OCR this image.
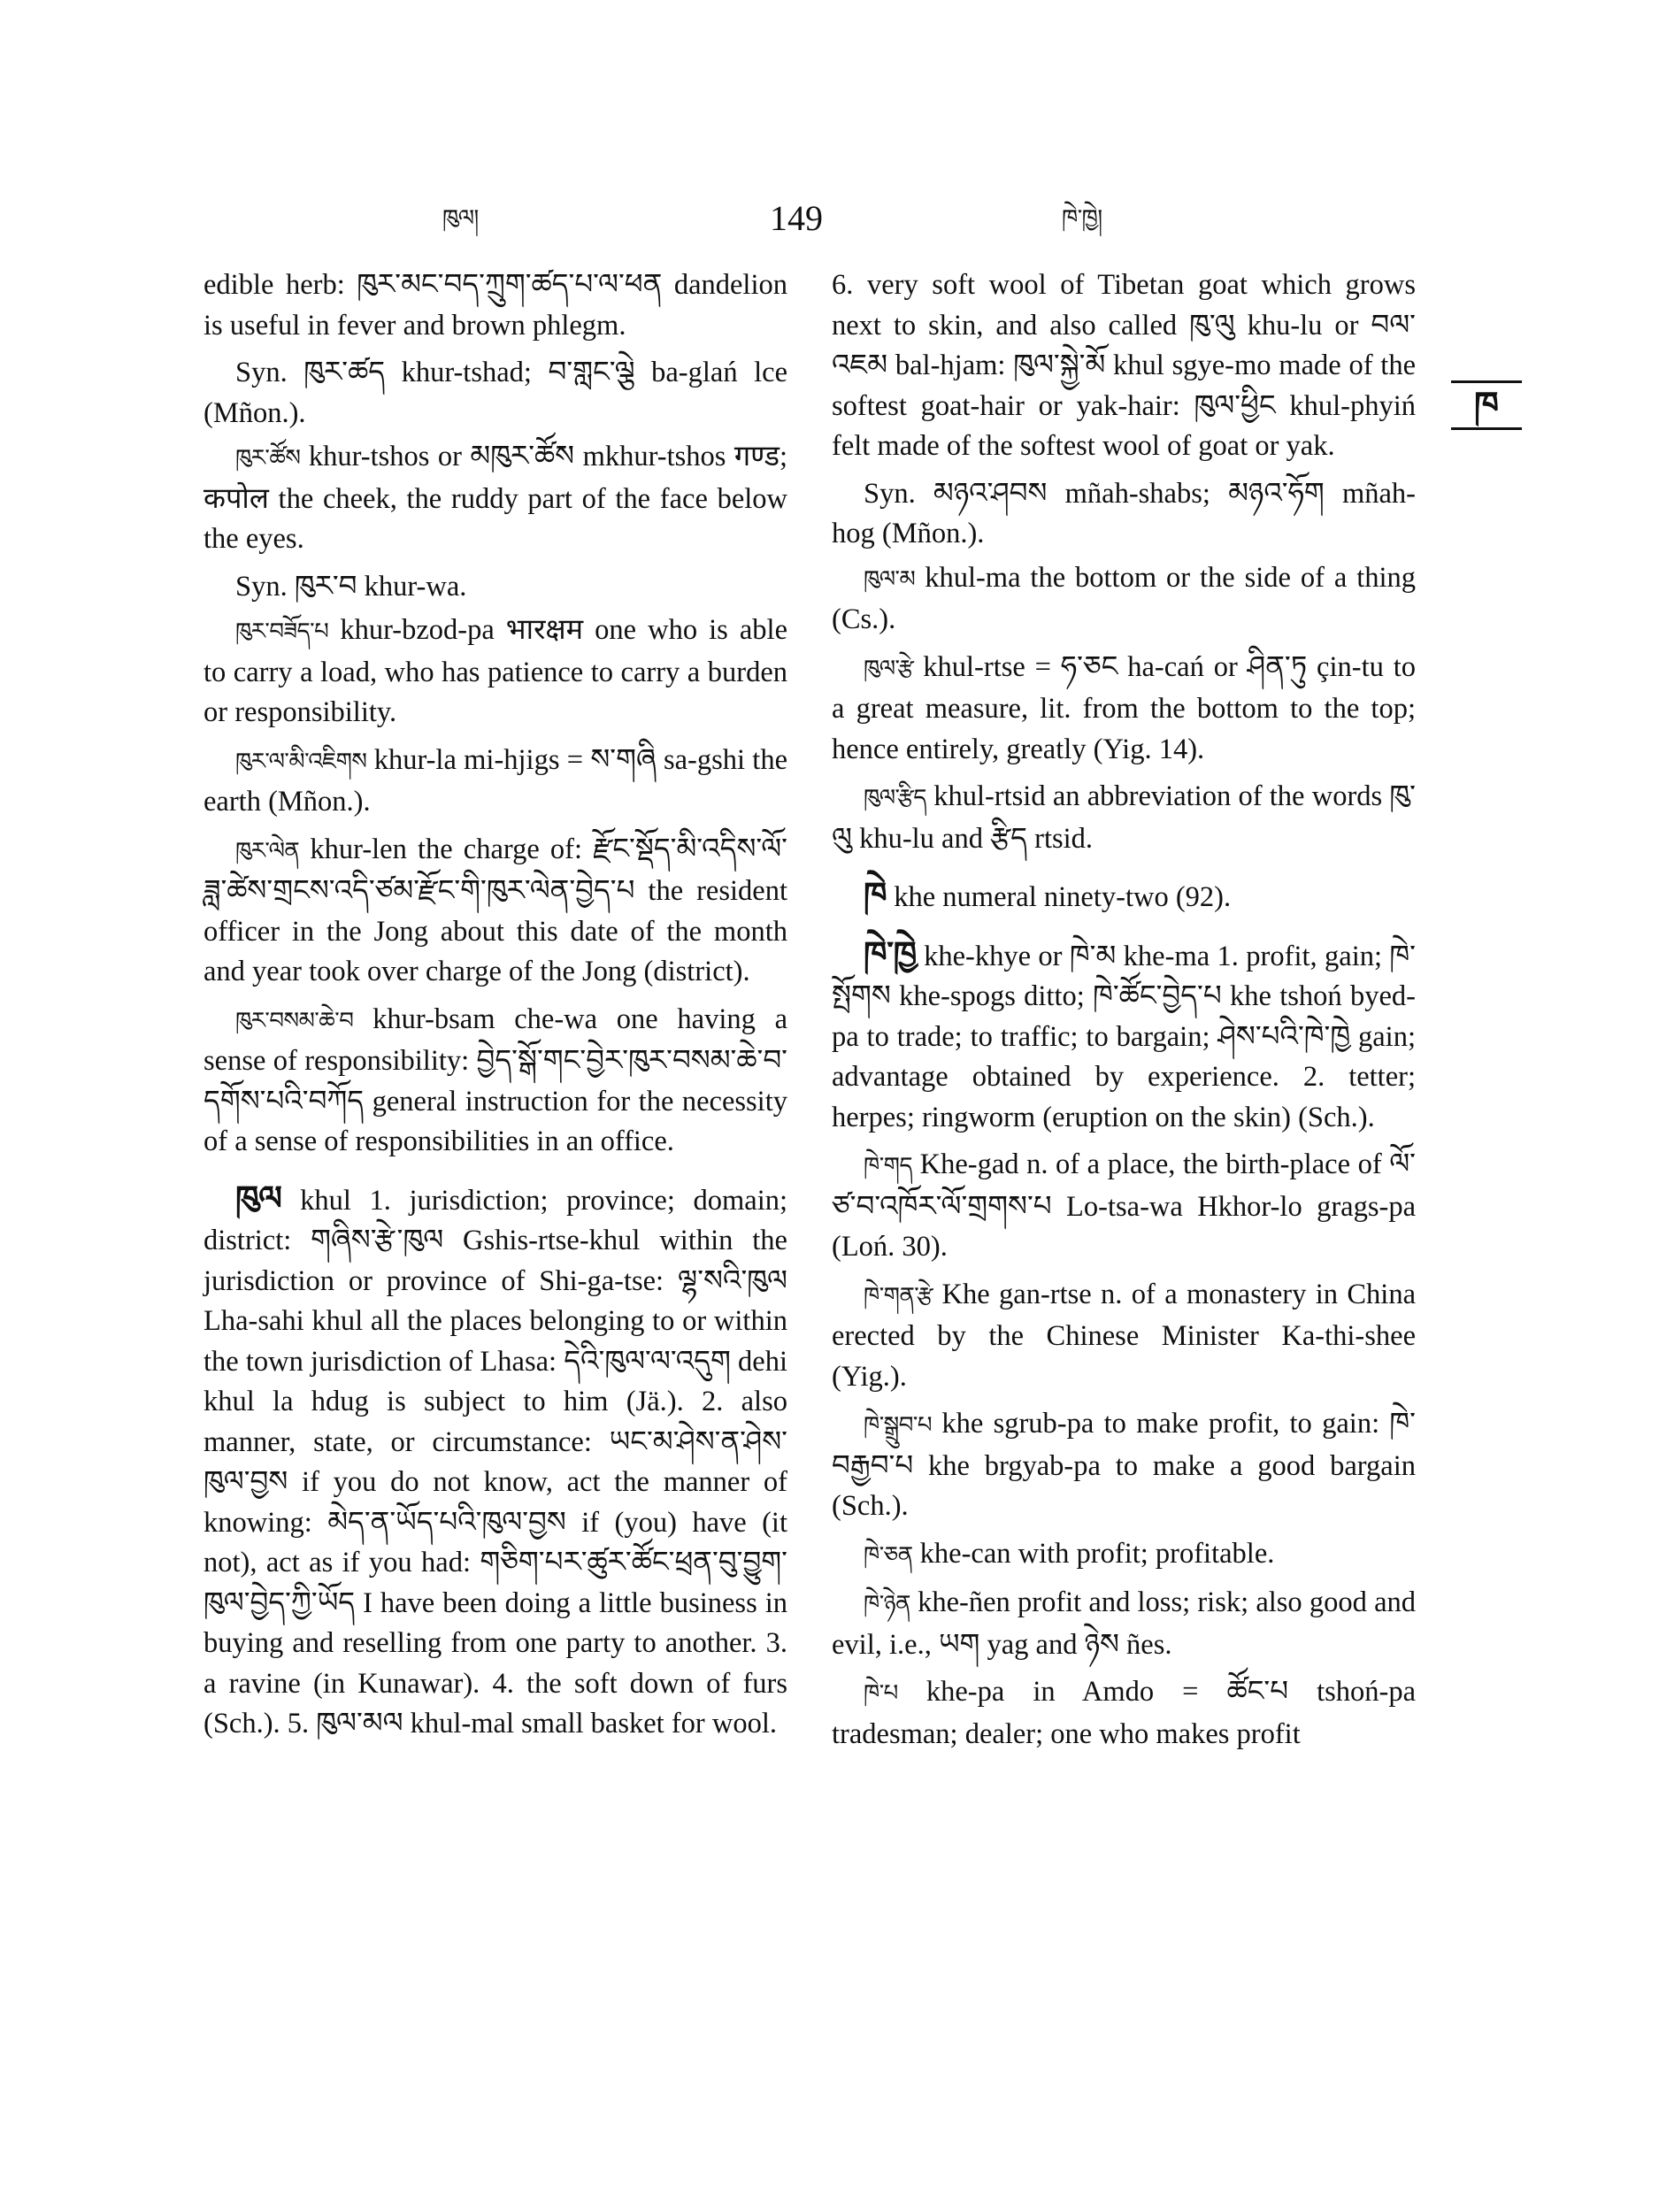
ཁུལ།	149	ཁེ་ཁྱེ།
ཁ

edible herb: ཁུར་མང་བད་ཀྲུག་ཚད་པ་ལ་ཕན dandelion is useful in fever and brown phlegm.

Syn. ཁུར་ཚད khur-tshad; བ་གླང་ལྕེ ba-glań lce (Mñon.).

ཁུར་ཚོས khur-tshos or མཁུར་ཚོས mkhur-tshos गण्ड; कपोल the cheek, the ruddy part of the face below the eyes.

Syn. ཁུར་བ khur-wa.

ཁུར་བཟོད་པ khur-bzod-pa भारक्षम one who is able to carry a load, who has patience to carry a burden or responsibility.

ཁུར་ལ་མི་འཇིགས khur-la mi-hjigs = ས་གཞི sa-gshi the earth (Mñon.).

ཁུར་ལེན khur-len the charge of: རྫོང་སྡོད་མི་འདིས་ལོ་ཟླ་ཚེས་གྲངས་འདི་ཙམ་རྫོང་གི་ཁུར་ལེན་བྱེད་པ the resident officer in the Jong about this date of the month and year took over charge of the Jong (district).

ཁུར་བསམ་ཆེ་བ khur-bsam che-wa one having a sense of responsibility: བྱེད་སྒོ་གང་བྱེར་ཁུར་བསམ་ཆེ་བ་དགོས་པའི་བཀོད general instruction for the necessity of a sense of responsibilities in an office.

ཁུལ khul 1. jurisdiction; province; domain; district: གཞིས་རྩེ་ཁུལ Gshis-rtse-khul within the jurisdiction or province of Shi-ga-tse: ལྷ་སའི་ཁུལ Lha-sahi khul all the places belonging to or within the town jurisdiction of Lhasa: དེའི་ཁུལ་ལ་འདུག dehi khul la hdug is subject to him (Jä.). 2. also manner, state, or circumstance: ཡང་མ་ཤེས་ན་ཤེས་ཁུལ་བྱས if you do not know, act the manner of knowing: མེད་ན་ཡོད་པའི་ཁུལ་བྱས if (you) have (it not), act as if you had: གཅིག་པར་ཚུར་ཚོང་ཕྲན་བུ་བྱུག་ཁུལ་བྱེད་ཀྱི་ཡོད I have been doing a little business in buying and reselling from one party to another. 3. a ravine (in Kunawar). 4. the soft down of furs (Sch.). 5. ཁུལ་མལ khul-mal small basket for wool.

6. very soft wool of Tibetan goat which grows next to skin, and also called ཁུ་ལུ khu-lu or བལ་འཇམ bal-hjam: ཁུལ་སྐྱེ་མོ khul sgye-mo made of the softest goat-hair or yak-hair: ཁུལ་ཕྱིང khul-phyiń felt made of the softest wool of goat or yak.

Syn. མཉའ་ཤབས mñah-shabs; མཉའ་ཧོག mñah-hog (Mñon.).

ཁུལ་མ khul-ma the bottom or the side of a thing (Cs.).

ཁུལ་རྩེ khul-rtse = ཧ་ཅང ha-cań or ཤིན་ཏུ çin-tu to a great measure, lit. from the bottom to the top; hence entirely, greatly (Yig. 14).

ཁུལ་རྩིད khul-rtsid an abbreviation of the words ཁུ་ལུ khu-lu and རྩིད rtsid.

ཁེ khe numeral ninety-two (92).

ཁེ་ཁྱེ khe-khye or ཁེ་མ khe-ma 1. profit, gain; ཁེ་སྤོགས khe-spogs ditto; ཁེ་ཚོང་བྱེད་པ khe tshoń byed-pa to trade; to traffic; to bargain; ཤེས་པའི་ཁེ་ཁྱེ gain; advantage obtained by experience. 2. tetter; herpes; ringworm (eruption on the skin) (Sch.).

ཁེ་གད Khe-gad n. of a place, the birth-place of ལོ་ཙ་བ་འཁོར་ལོ་གྲགས་པ Lo-tsa-wa Hkhor-lo grags-pa (Loń. 30).

ཁེ་གན་རྩེ Khe gan-rtse n. of a monastery in China erected by the Chinese Minister Ka-thi-shee (Yig.).

ཁེ་སྒྲུབ་པ khe sgrub-pa to make profit, to gain: ཁེ་བརྒྱབ་པ khe brgyab-pa to make a good bargain (Sch.).

ཁེ་ཅན khe-can with profit; profitable.

ཁེ་ཉེན khe-ñen profit and loss; risk; also good and evil, i.e., ཡག yag and ཉེས ñes.

ཁེ་པ khe-pa in Amdo = ཚོང་པ tshoń-pa tradesman; dealer; one who makes profit
